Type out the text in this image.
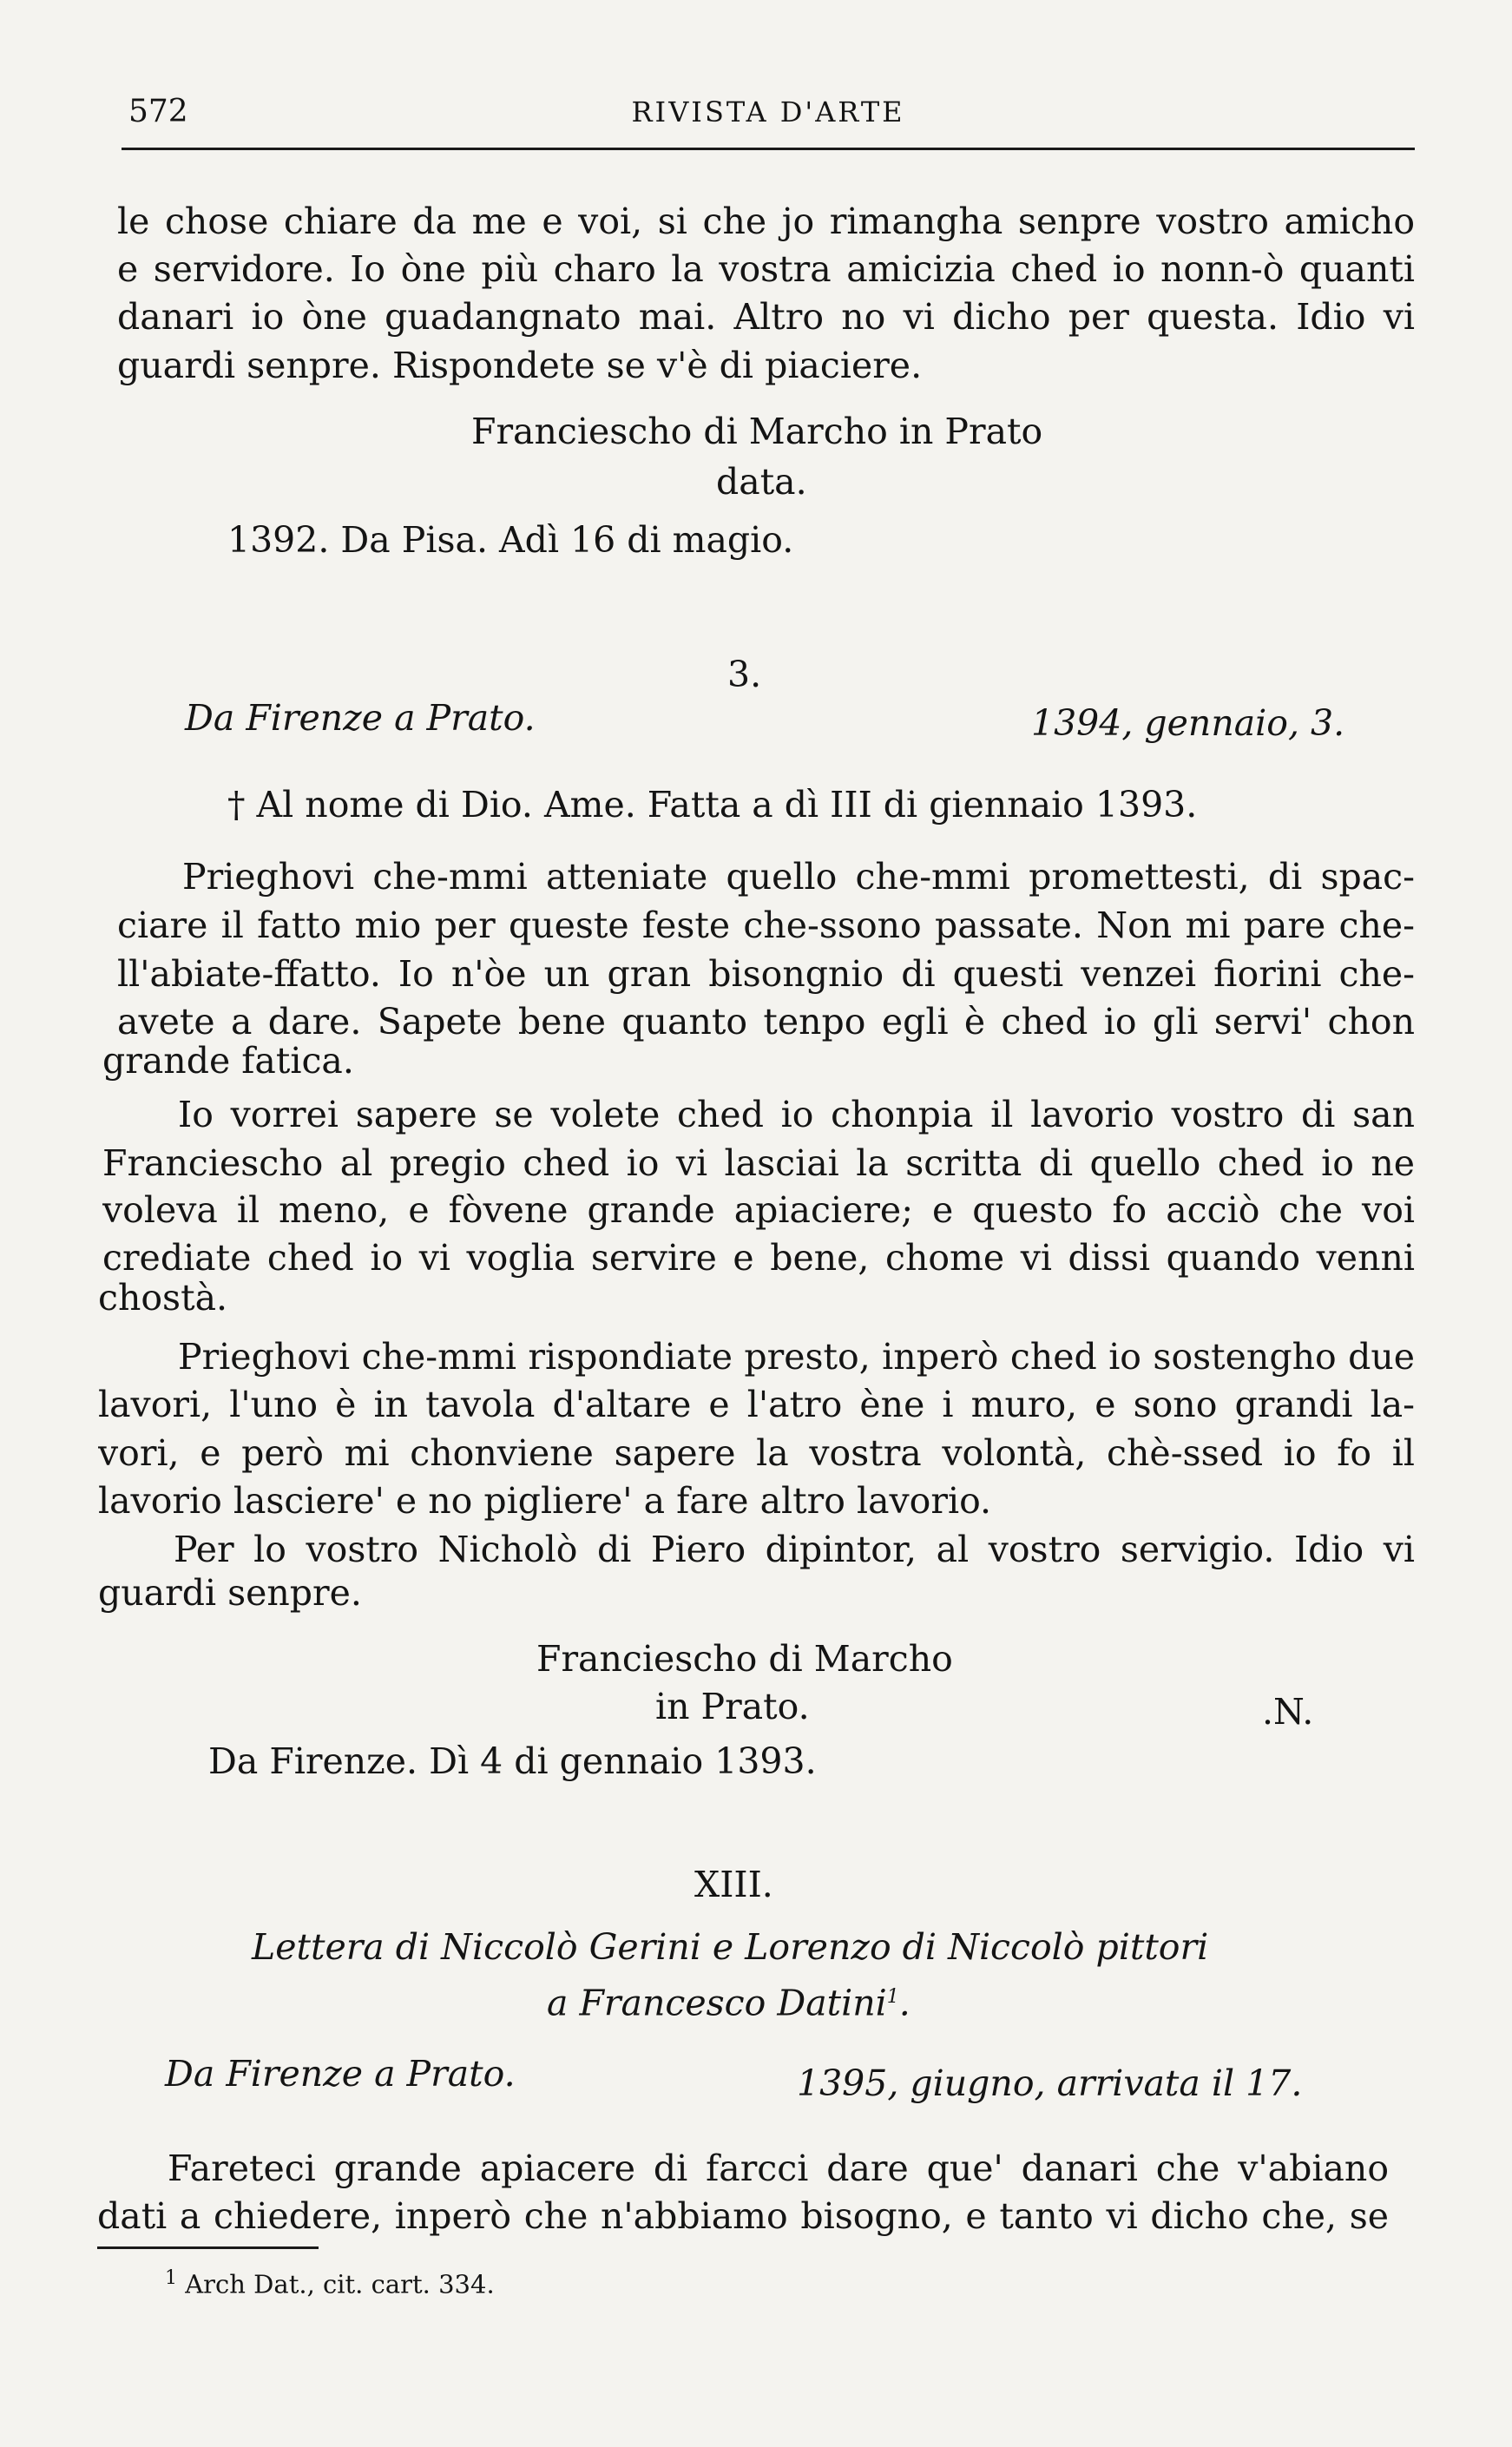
572	RIVISTA D'ARTE
le chose chiare da me e voi, si che jo rimangha senpre vostro amicho
e servidore. Io òne più charo la vostra amicizia ched io nonn-ò quanti
danari io òne guadangnato mai. Altro no vi dicho per questa. Idio vi
guardi senpre. Rispondete se v'è di piaciere.
Franciescho di Marcho in Prato
data.
1392. Da Pisa. Adì 16 di magio.
3.
Da Firenze a Prato.	1394, gennaio, 3.
† Al nome di Dio. Ame. Fatta a dì III di giennaio 1393.
Prieghovi che-mmi atteniate quello che-mmi promettesti, di spac-
ciare il fatto mio per queste feste che-ssono passate. Non mi pare che-
ll'abiate-ffatto. Io n'òe un gran bisongnio di questi venzei fiorini che-
avete a dare. Sapete bene quanto tenpo egli è ched io gli servi' chon
grande fatica.
Io vorrei sapere se volete ched io chonpia il lavorio vostro di san
Franciescho al pregio ched io vi lasciai la scritta di quello ched io ne
voleva il meno, e fòvene grande apiaciere; e questo fo acciò che voi
crediate ched io vi voglia servire e bene, chome vi dissi quando venni
chostà.
Prieghovi che-mmi rispondiate presto, inperò ched io sostengho due
lavori, l'uno è in tavola d'altare e l'atro ène i muro, e sono grandi la-
vori, e però mi chonviene sapere la vostra volontà, chè-ssed io fo il
lavorio lasciere' e no pigliere' a fare altro lavorio.
Per lo vostro Nicholò di Piero dipintor, al vostro servigio. Idio vi
guardi senpre.
Franciescho di Marcho
in Prato.	.N.
Da Firenze. Dì 4 di gennaio 1393.
XIII.
Lettera di Niccolò Gerini e Lorenzo di Niccolò pittori
a Francesco Datini$^1$.
Da Firenze a Prato.	1395, giugno, arrivata il 17.
Fareteci grande apiacere di farcci dare que' danari che v'abiano
dati a chiedere, inperò che n'abbiamo bisogno, e tanto vi dicho che, se
$^1$ Arch Dat., cit. cart. 334.
